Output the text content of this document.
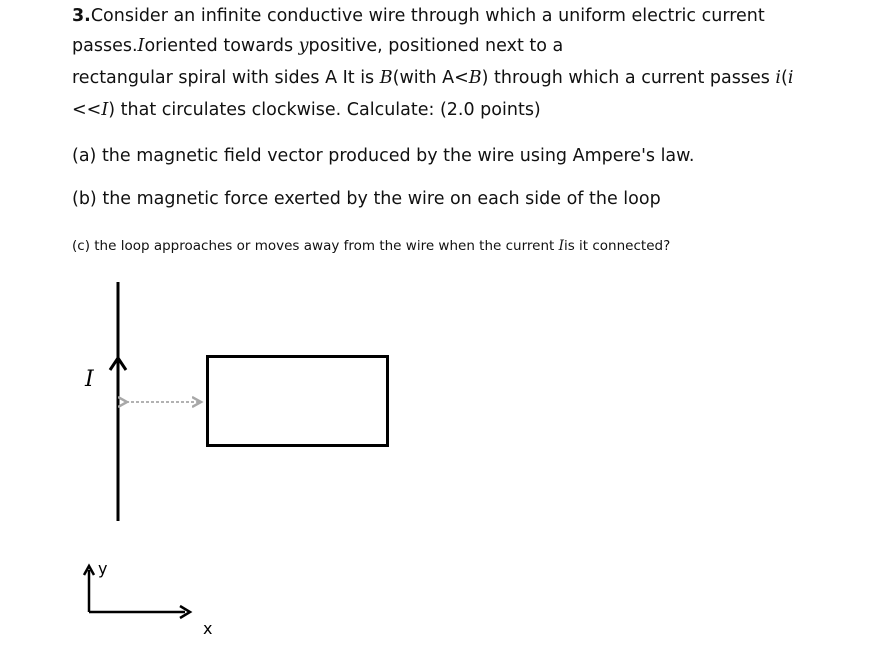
3.Consider an infinite conductive wire through which a uniform electric current
passes.Ioriented towards ypositive, positioned next to a
rectangular spiral with sides A It is B(with A<B) through which a current passes i(i
<<I) that circulates clockwise. Calculate: (2.0 points)
(a) the magnetic field vector produced by the wire using Ampere's law.
(b) the magnetic force exerted by the wire on each side of the loop
(c) the loop approaches or moves away from the wire when the current Iis it connected?
I
y
x
